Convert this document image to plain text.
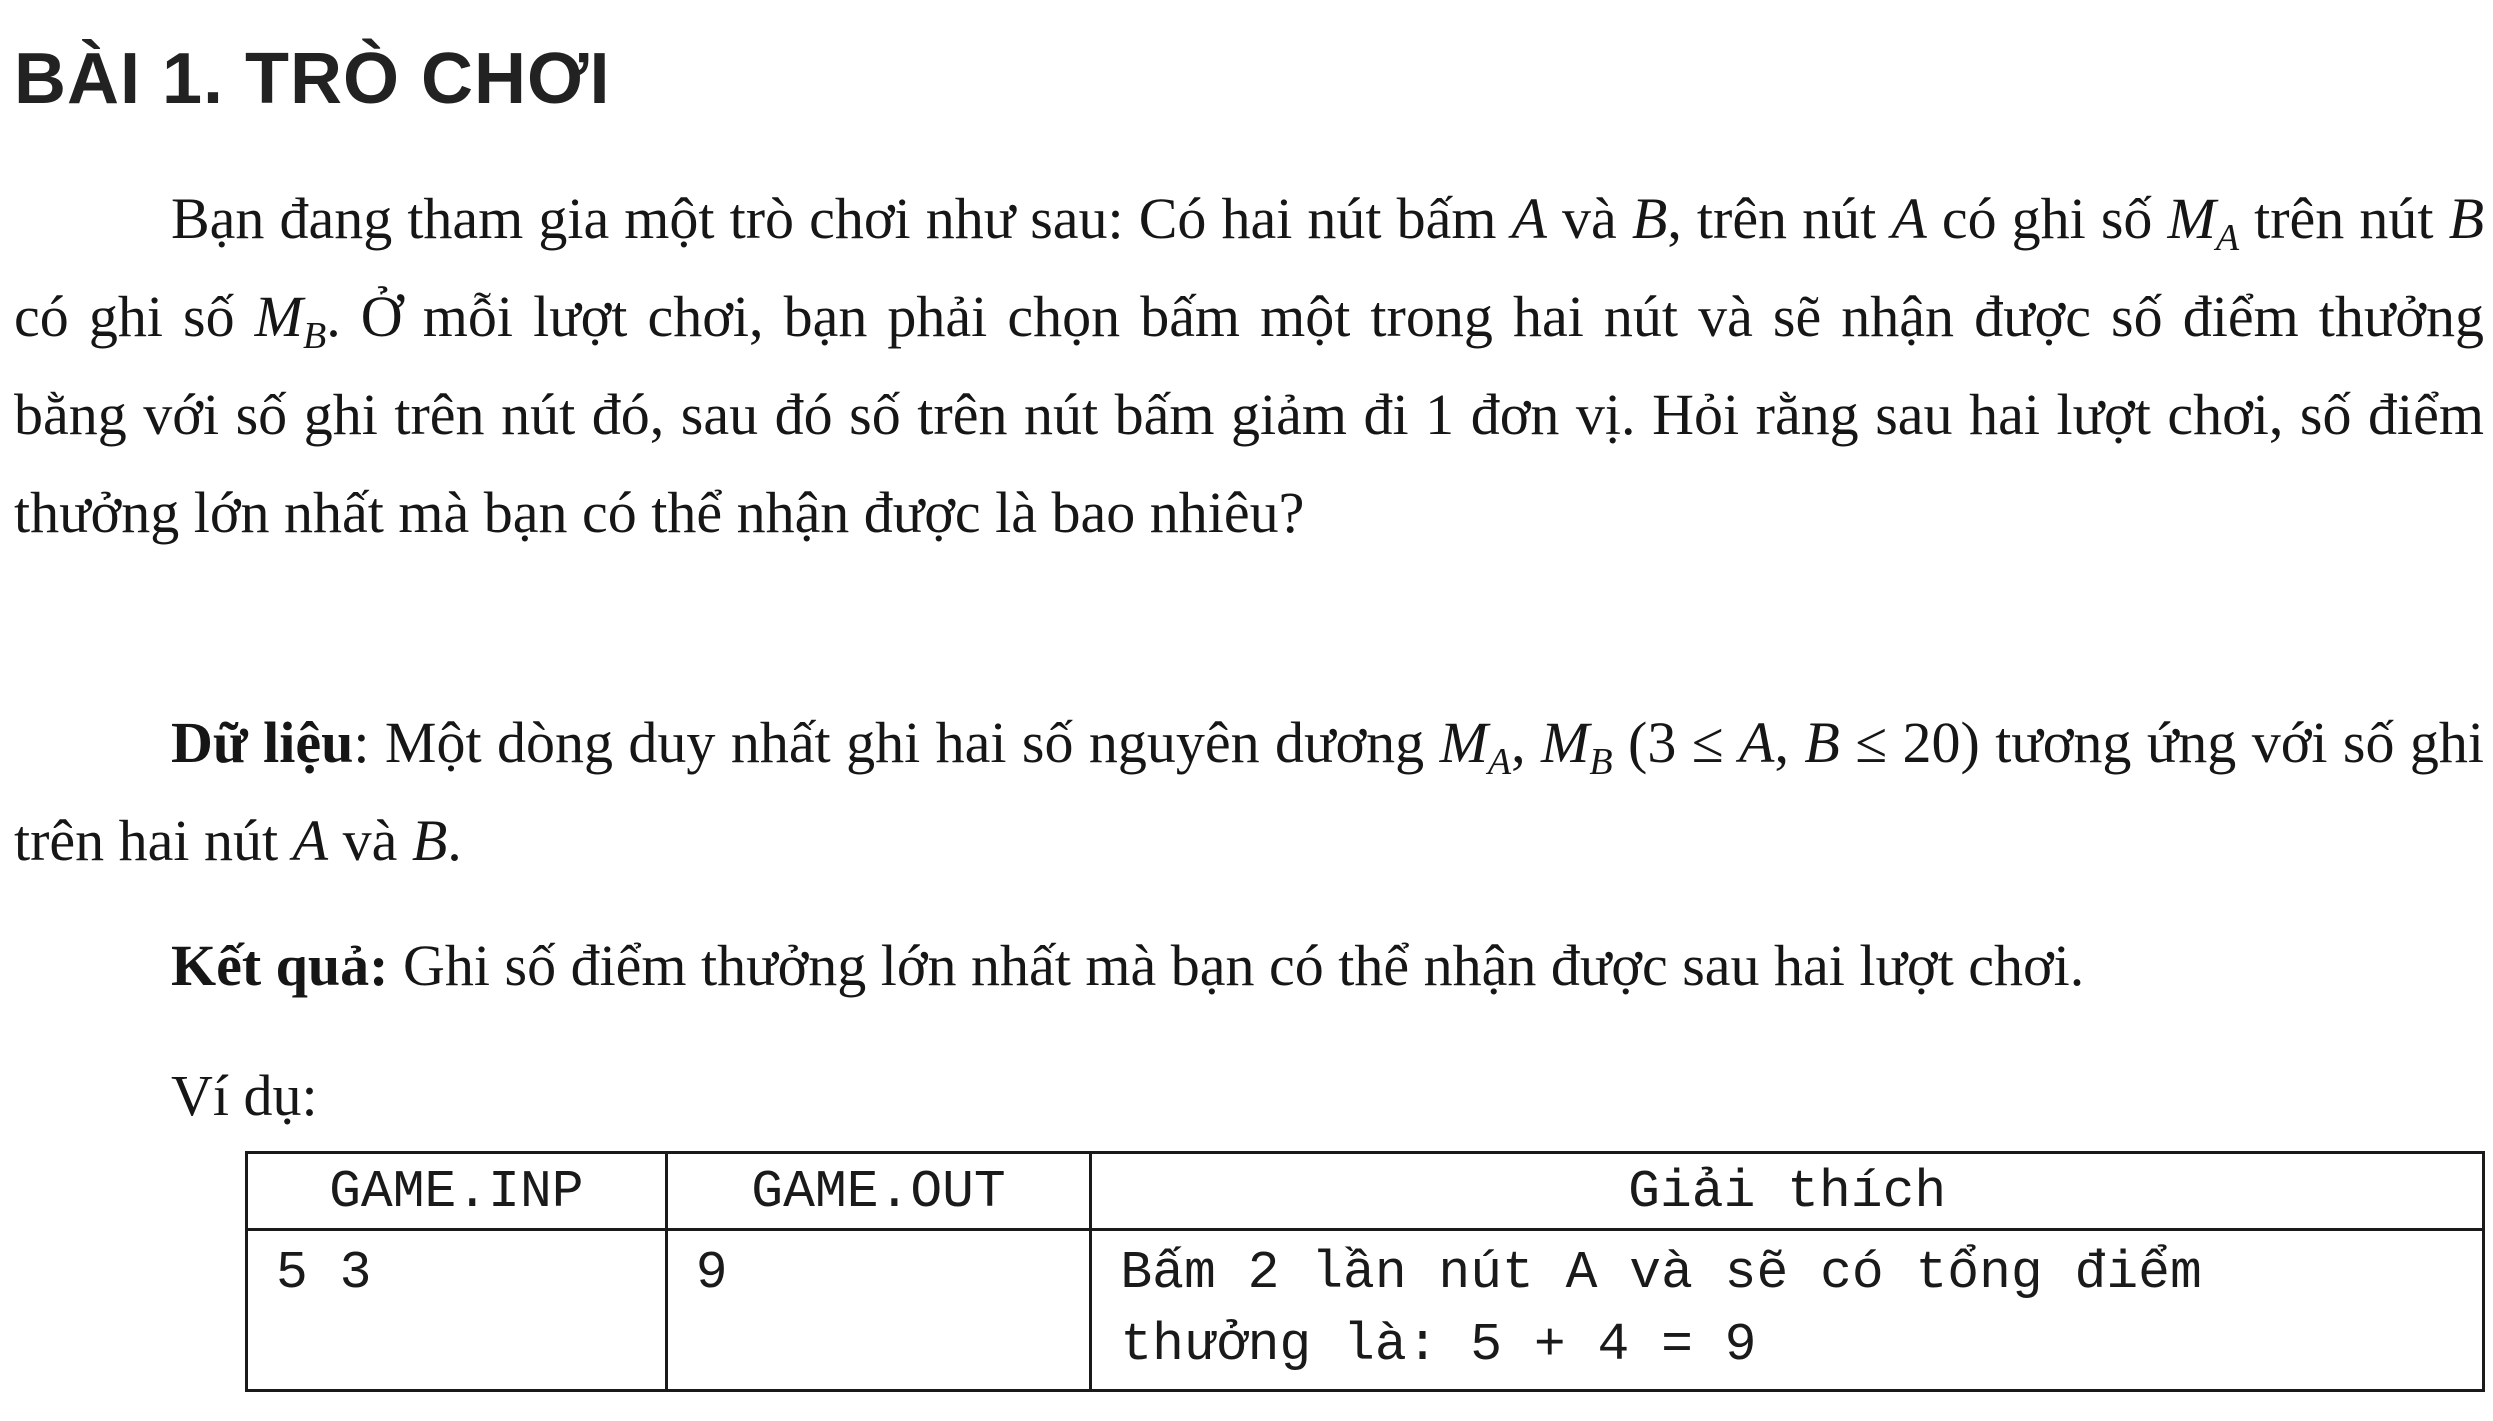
BÀI 1. TRÒ CHƠI

Bạn đang tham gia một trò chơi như sau: Có hai nút bấm A và B, trên nút A có ghi số $M_A$ trên nút B có ghi số $M_B$. Ở mỗi lượt chơi, bạn phải chọn bấm một trong hai nút và sẽ nhận được số điểm thưởng bằng với số ghi trên nút đó, sau đó số trên nút bấm giảm đi 1 đơn vị. Hỏi rằng sau hai lượt chơi, số điểm thưởng lớn nhất mà bạn có thể nhận được là bao nhiêu?

Dữ liệu: Một dòng duy nhất ghi hai số nguyên dương $M_A$, $M_B$ (3 ≤ A, B ≤ 20) tương ứng với số ghi trên hai nút A và B.

Kết quả: Ghi số điểm thưởng lớn nhất mà bạn có thể nhận được sau hai lượt chơi.

Ví dụ:

GAME.INP	GAME.OUT	Giải thích
5 3	9	Bấm 2 lần nút A và sẽ có tổng điểm
thưởng là: 5 + 4 = 9
